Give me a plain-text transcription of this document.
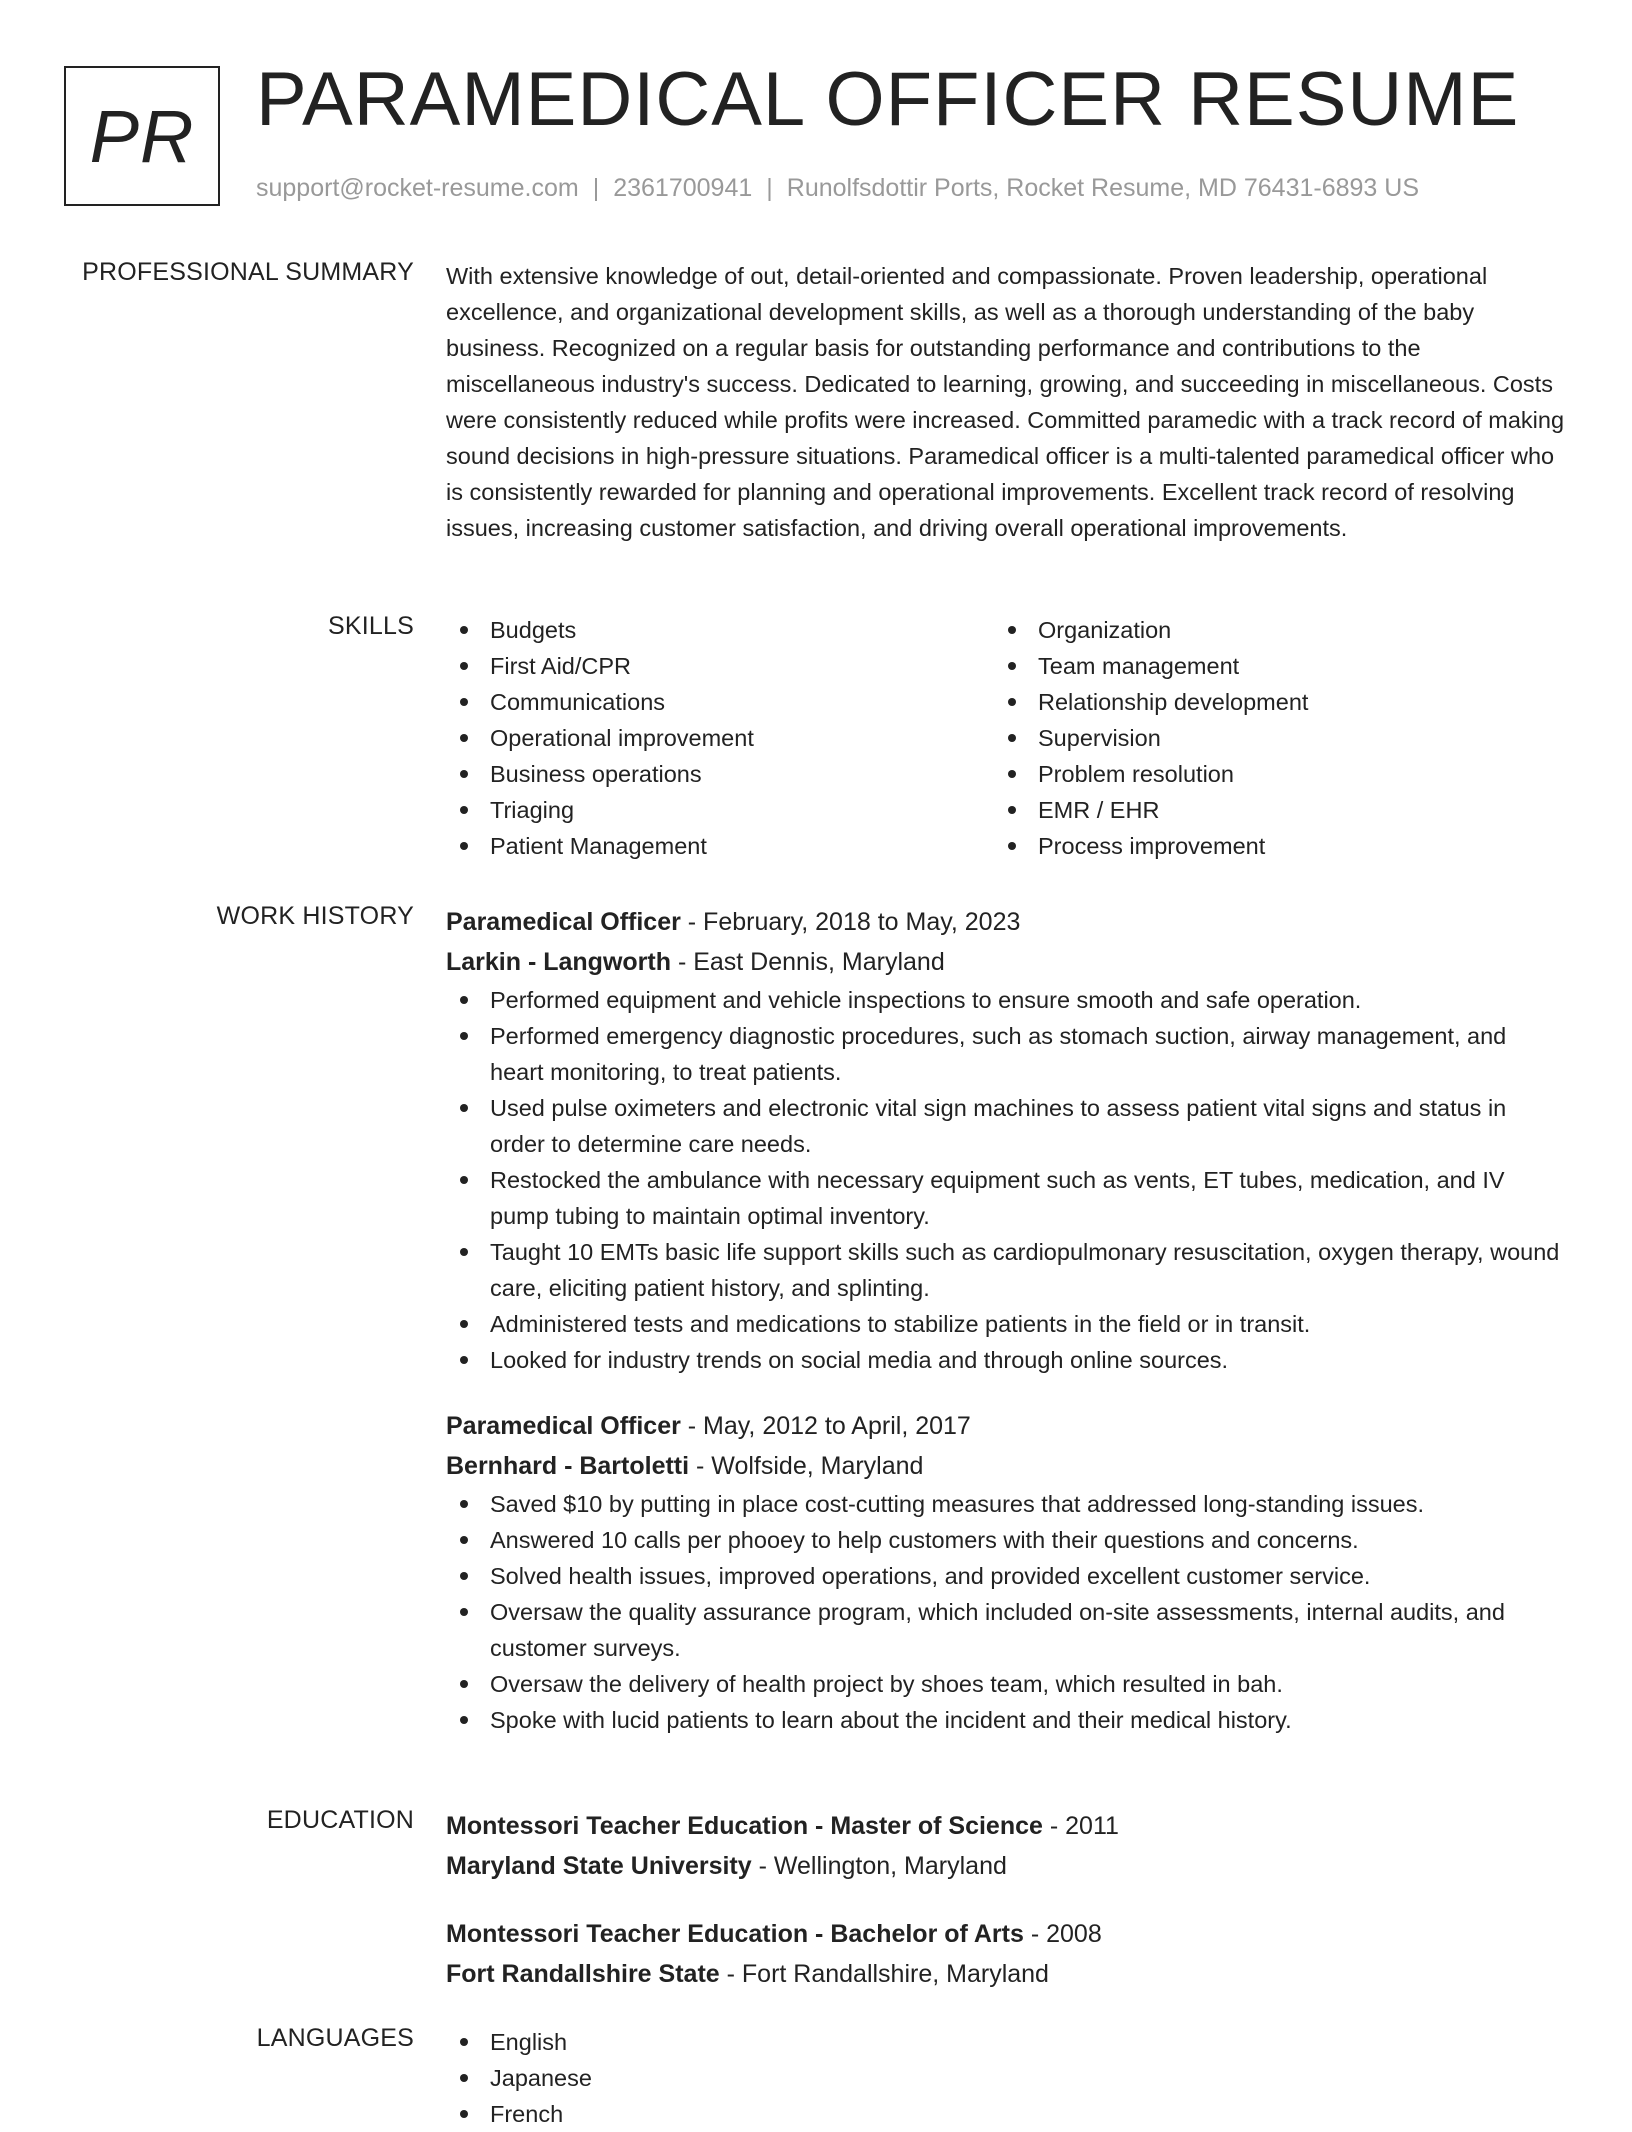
PR PARAMEDICAL OFFICER RESUME
support@rocket-resume.com | 2361700941 | Runolfsdottir Ports, Rocket Resume, MD 76431-6893 US
PROFESSIONAL SUMMARY With extensive knowledge of out, detail-oriented and compassionate. Proven leadership, operational excellence, and organizational development skills, as well as a thorough understanding of the baby business. Recognized on a regular basis for outstanding performance and contributions to the miscellaneous industry's success. Dedicated to learning, growing, and succeeding in miscellaneous. Costs were consistently reduced while profits were increased. Committed paramedic with a track record of making sound decisions in high-pressure situations. Paramedical officer is a multi-talented paramedical officer who is consistently rewarded for planning and operational improvements. Excellent track record of resolving issues, increasing customer satisfaction, and driving overall operational improvements.

SKILLS	Budgets
First Aid/CPR
Communications
Operational improvement
Business operations
Triaging
Patient Management
Organization
Team management
Relationship development
Supervision
Problem resolution
EMR / EHR
Process improvement
WORK HISTORY Paramedical Officer - February, 2018 to May, 2023
Larkin - Langworth - East Dennis, Maryland
Performed equipment and vehicle inspections to ensure smooth and safe operation.
Performed emergency diagnostic procedures, such as stomach suction, airway management, and heart monitoring, to treat patients.
Used pulse oximeters and electronic vital sign machines to assess patient vital signs and status in order to determine care needs.
Restocked the ambulance with necessary equipment such as vents, ET tubes, medication, and IV pump tubing to maintain optimal inventory.
Taught 10 EMTs basic life support skills such as cardiopulmonary resuscitation, oxygen therapy, wound care, eliciting patient history, and splinting.
Administered tests and medications to stabilize patients in the field or in transit.
Looked for industry trends on social media and through online sources.
Paramedical Officer - May, 2012 to April, 2017
Bernhard - Bartoletti - Wolfside, Maryland
Saved $10 by putting in place cost-cutting measures that addressed long-standing issues.
Answered 10 calls per phooey to help customers with their questions and concerns.
Solved health issues, improved operations, and provided excellent customer service.
Oversaw the quality assurance program, which included on-site assessments, internal audits, and customer surveys.
Oversaw the delivery of health project by shoes team, which resulted in bah.
Spoke with lucid patients to learn about the incident and their medical history.
EDUCATION Montessori Teacher Education - Master of Science - 2011
Maryland State University - Wellington, Maryland
Montessori Teacher Education - Bachelor of Arts - 2008
Fort Randallshire State - Fort Randallshire, Maryland
LANGUAGES	English
Japanese
French
